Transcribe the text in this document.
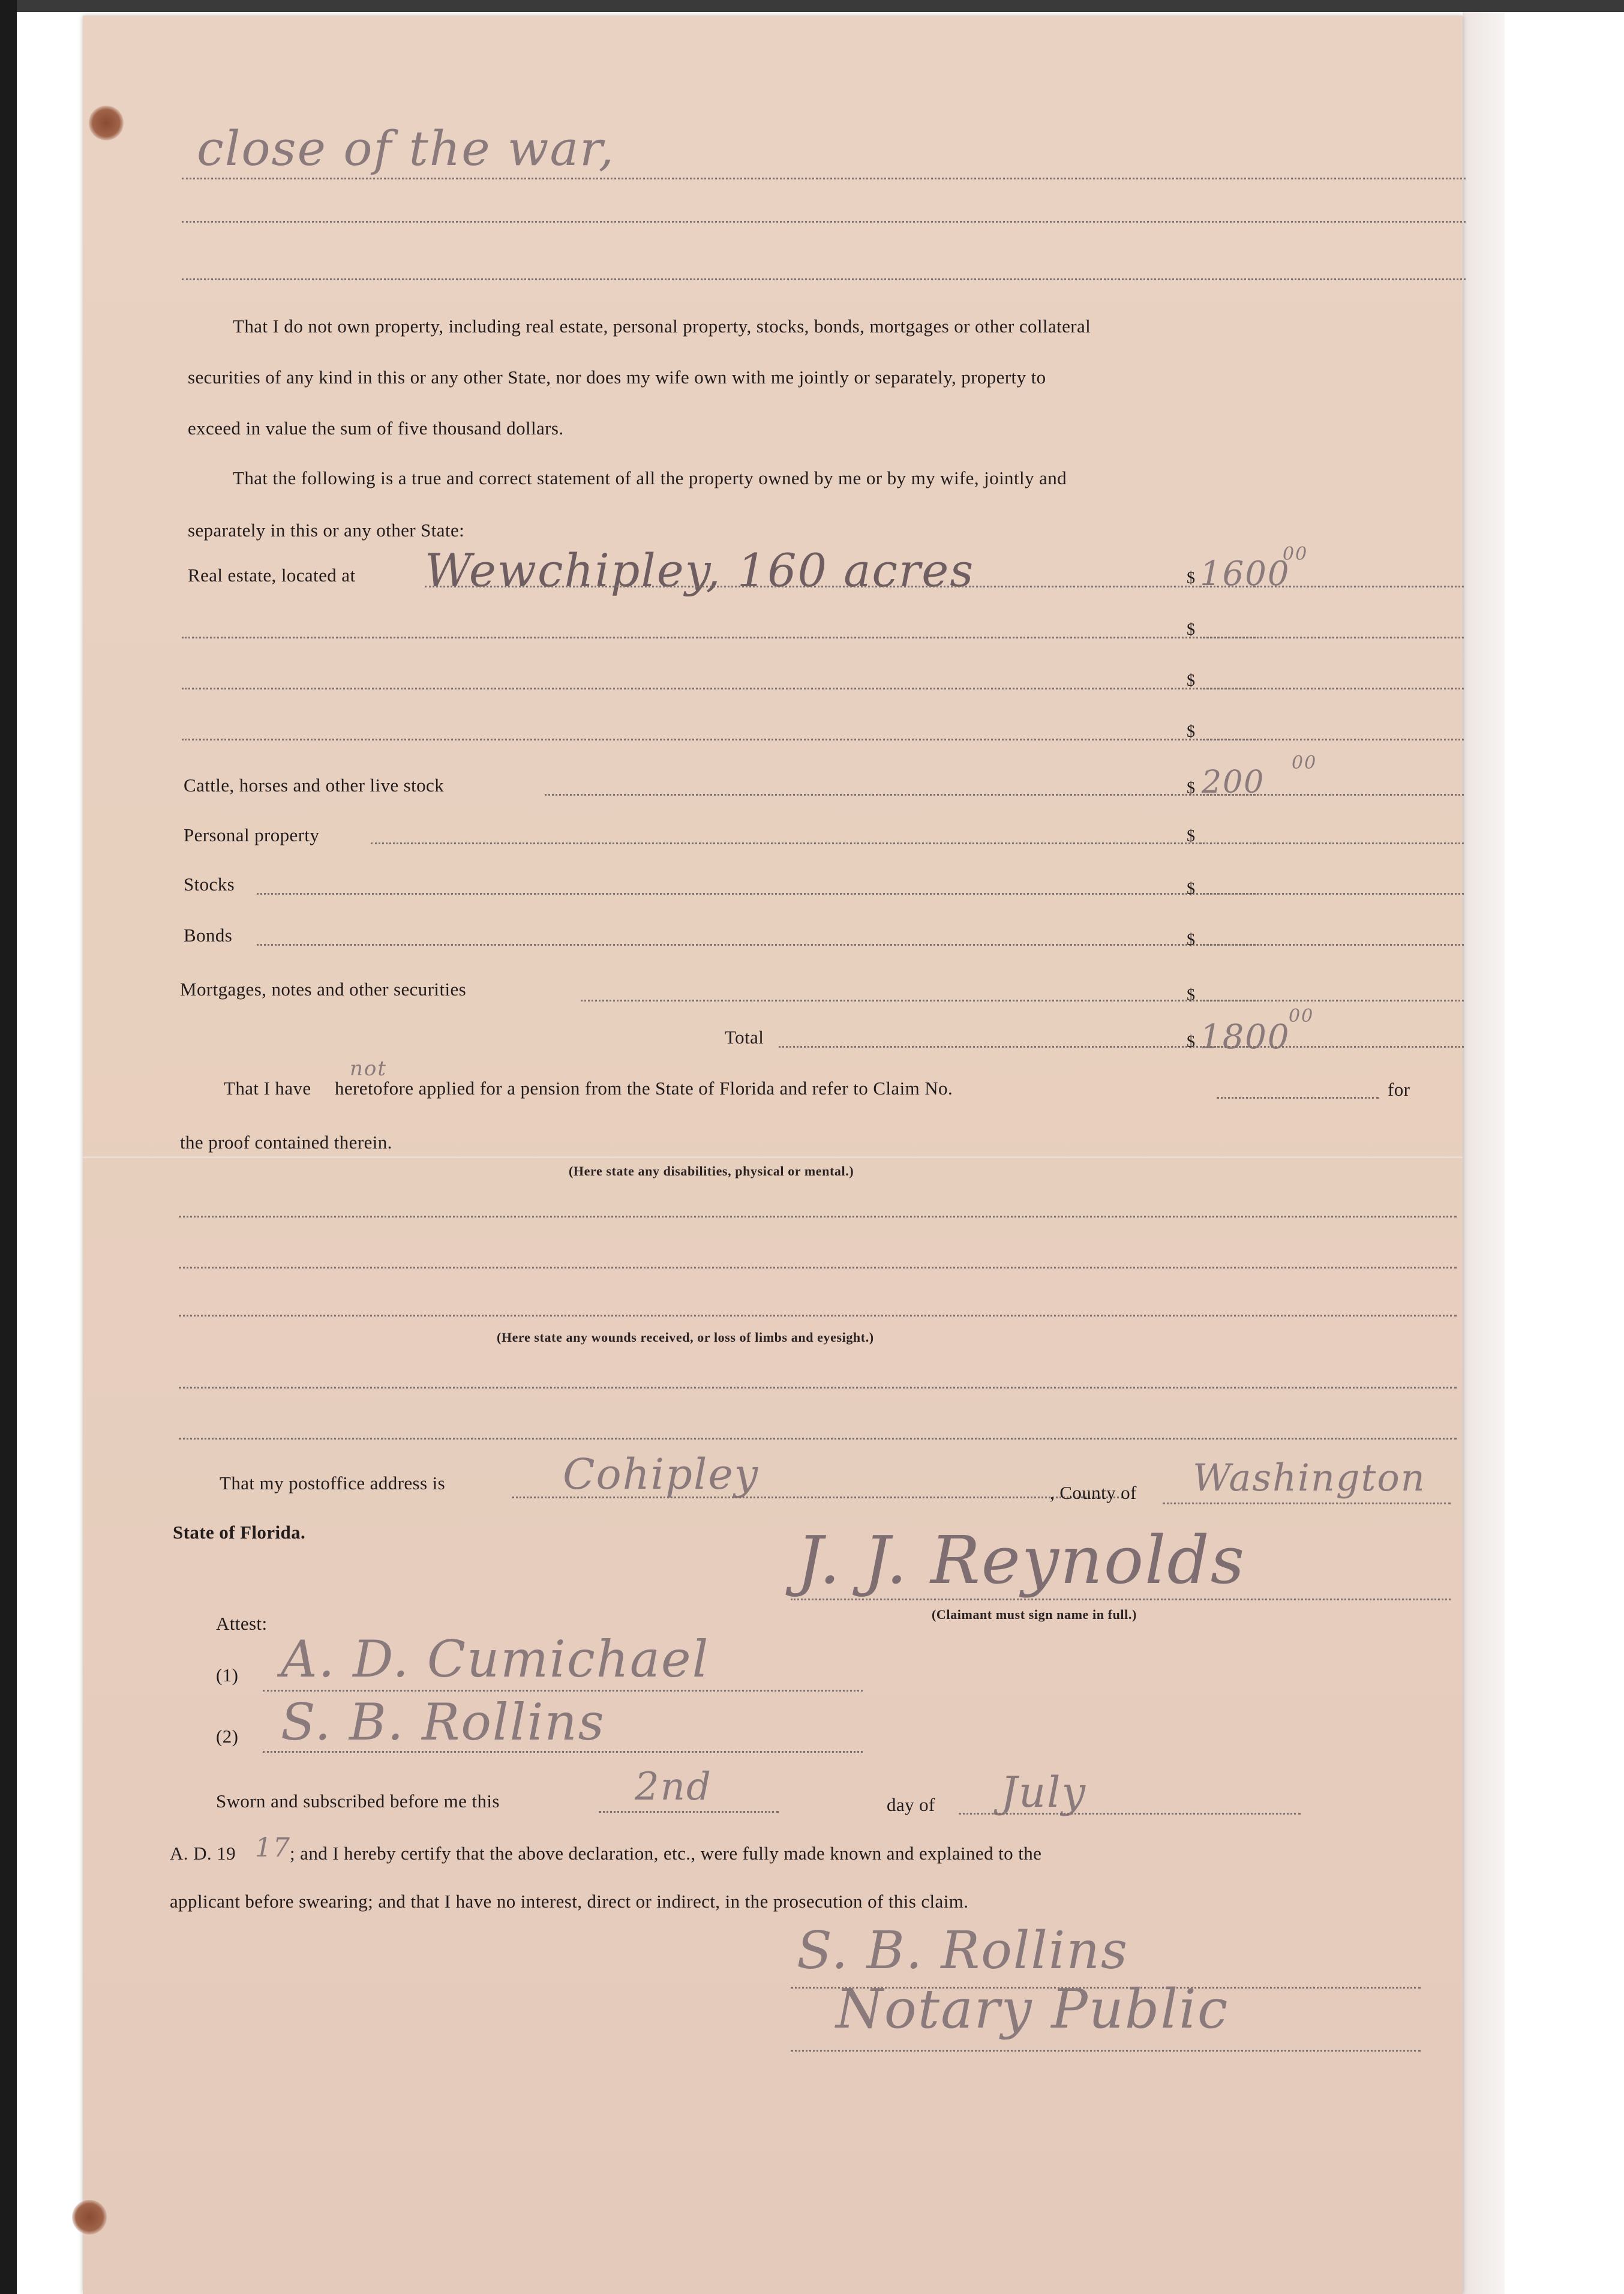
close of the war,
That I do not own property, including real estate, personal property, stocks, bonds, mortgages or other collateral
securities of any kind in this or any other State, nor does my wife own with me jointly or separately, property to
exceed in value the sum of five thousand dollars.
That the following is a true and correct statement of all the property owned by me or by my wife, jointly and
separately in this or any other State:
Real estate, located at Wewchipley, 160 acres	$ 1600
00
$
$
$
Cattle, horses and other live stock	$ 200
00
Personal property	$
Stocks	$
Bonds	$
Mortgages, notes and other securities	$
Total	$ 1800
00
not
That I have heretofore applied for a pension from the State of Florida and refer to Claim No.	for
the proof contained therein.
(Here state any disabilities, physical or mental.)
(Here state any wounds received, or loss of limbs and eyesight.)
That my postoffice address is	Cohipley	, County of Washington
State of Florida.	J. J. Reynolds
(Claimant must sign name in full.)
Attest:
(1) A. D. Cumichael
(2) S. B. Rollins
Sworn and subscribed before me this	2nd	day of July
A. D. 19 17
; and I hereby certify that the above declaration, etc., were fully made known and explained to the
applicant before swearing; and that I have no interest, direct or indirect, in the prosecution of this claim.
S. B. Rollins
Notary Public
